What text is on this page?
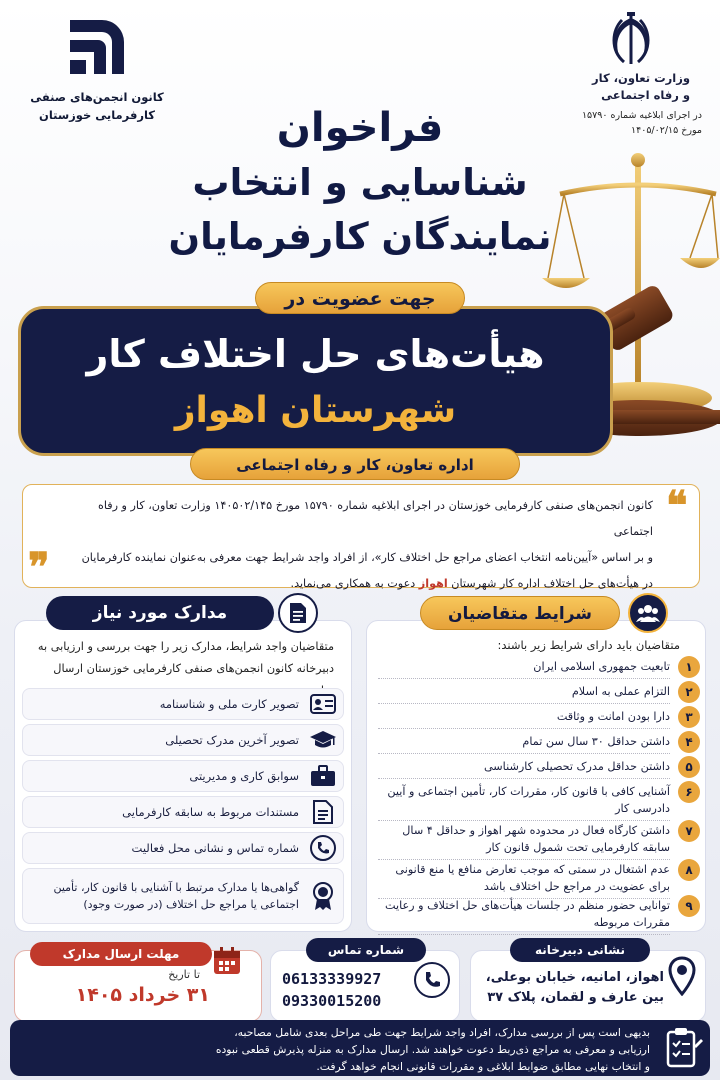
کانون انجمن‌های صنفی
کارفرمایی خوزستان
وزارت تعاون، کار
و رفاه اجتماعی
در اجرای ابلاغیه شماره ۱۵۷۹۰
مورخ ۱۴۰۵/۰۲/۱۵
فراخوان
شناسایی و انتخاب
نمایندگان کارفرمایان
هیأت‌های حل اختلاف کار
شهرستان اهواز
جهت عضویت در
اداره تعاون، کار و رفاه اجتماعی
کانون انجمن‌های صنفی کارفرمایی خوزستان در اجرای ابلاغیه شماره ۱۵۷۹۰ مورخ ۱۴۰۵۰۲/۱۴۵ وزارت تعاون، کار و رفاه اجتماعی
و بر اساس «آیین‌نامه انتخاب اعضای مراجع حل اختلاف کار»، از افراد واجد شرایط جهت معرفی به‌عنوان نماینده کارفرمایان
در هیأت‌های حل اختلاف اداره کار شهرستان اهواز دعوت به همکاری می‌نماید.
❝
❞
شرایط متقاضیان
مدارک مورد نیاز
متقاضیان باید دارای شرایط زیر باشند:
۱
تابعیت جمهوری اسلامی ایران
۲
التزام عملی به اسلام
۳
دارا بودن امانت و وثاقت
۴
داشتن حداقل ۳۰ سال سن تمام
۵
داشتن حداقل مدرک تحصیلی کارشناسی
۶
آشنایی کافی با قانون کار، مقررات کار، تأمین اجتماعی و آیین دادرسی کار
۷
داشتن کارگاه فعال در محدوده شهر اهواز و حداقل ۴ سال سابقه کارفرمایی تحت شمول قانون کار
۸
عدم اشتغال در سمتی که موجب تعارض منافع یا منع قانونی برای عضویت در مراجع حل اختلاف باشد
۹
توانایی حضور منظم در جلسات هیأت‌های حل اختلاف و رعایت مقررات مربوطه
متقاضیان واجد شرایط، مدارک زیر را جهت بررسی و ارزیابی به
دبیرخانه کانون انجمن‌های صنفی کارفرمایی خوزستان ارسال
تصویر کارت ملی و شناسنامه
تصویر آخرین مدرک تحصیلی
سوابق کاری و مدیریتی
مستندات مربوط به سابقه کارفرمایی
شماره تماس و نشانی محل فعالیت
گواهی‌ها یا مدارک مرتبط با آشنایی با قانون کار، تأمین اجتماعی یا مراجع حل اختلاف (در صورت وجود)
نشانی دبیرخانه
اهواز، امانیه، خیابان بوعلی،
بین عارف و لقمان، پلاک ۳۷
شماره تماس
06133339927
09330015200
مهلت ارسال مدارک
تا تاریخ
۳۱ خرداد ۱۴۰۵
بدیهی است پس از بررسی مدارک، افراد واجد شرایط جهت طی مراحل بعدی شامل مصاحبه،
ارزیابی و معرفی به مراجع ذی‌ربط دعوت خواهند شد. ارسال مدارک به منزله پذیرش قطعی نبوده
و انتخاب نهایی مطابق ضوابط ابلاغی و مقررات قانونی انجام خواهد گرفت.
